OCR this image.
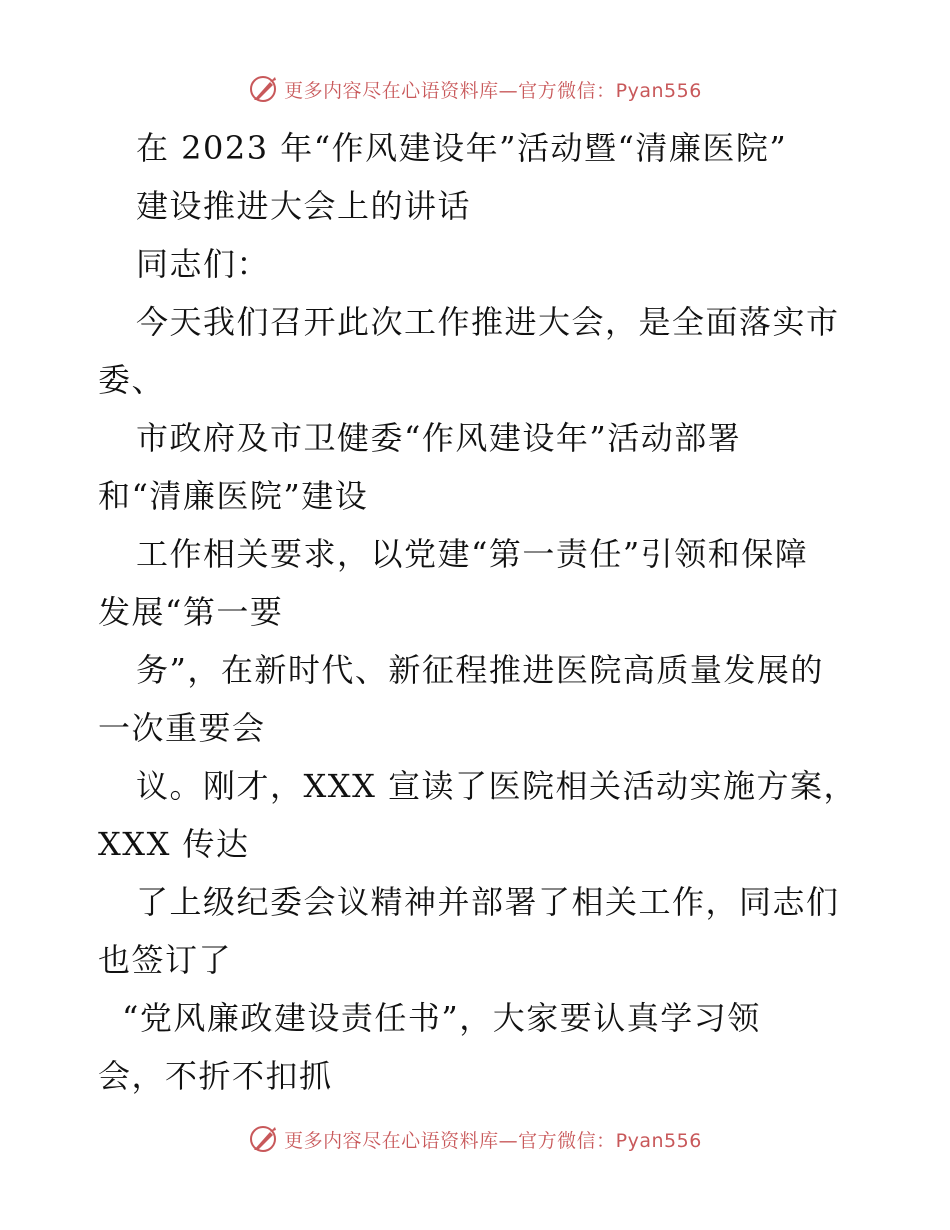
更多内容尽在心语资料库—官方微信：Pyan556
在 2023 年“作风建设年”活动暨“清廉医院”
建设推进大会上的讲话
同志们：
今天我们召开此次工作推进大会，是全面落实市
委、
市政府及市卫健委“作风建设年”活动部署
和“清廉医院”建设
工作相关要求，以党建“第一责任”引领和保障
发展“第一要
务”，在新时代、新征程推进医院高质量发展的
一次重要会
议。刚才，XXX 宣读了医院相关活动实施方案，
XXX 传达
了上级纪委会议精神并部署了相关工作，同志们
也签订了
“党风廉政建设责任书”，大家要认真学习领
会，不折不扣抓
更多内容尽在心语资料库—官方微信：Pyan556
